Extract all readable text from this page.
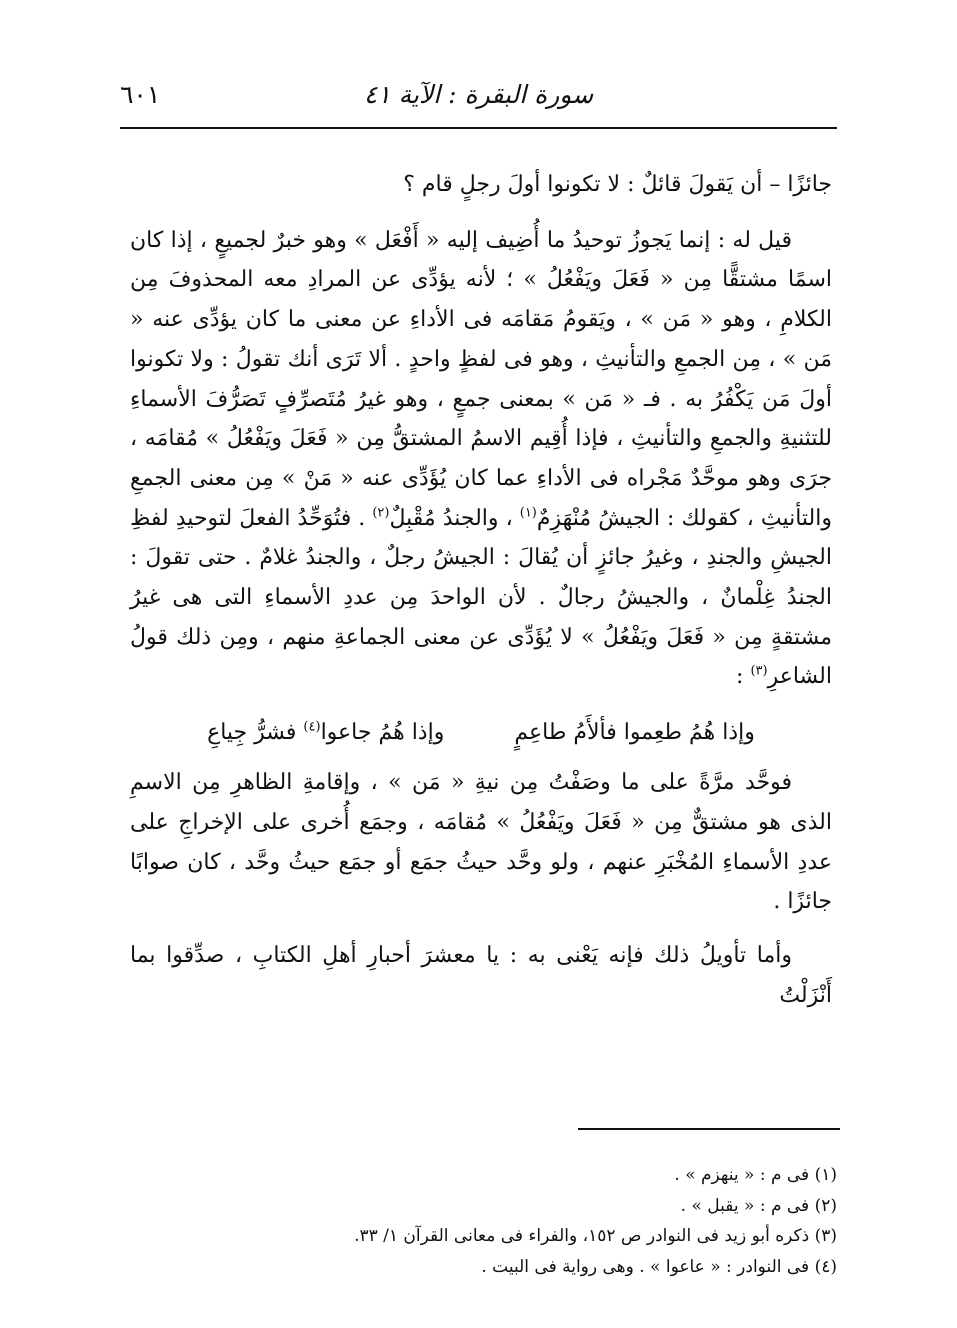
سورة البقرة : الآية ٤١
٦٠١

جائزًا – أن يَقولَ قائلٌ : لا تكونوا أولَ رجلٍ قام ؟

قيل له : إنما يَجوزُ توحيدُ ما أُضِيف إليه « أَفْعَل » وهو خبرٌ لجميعٍ ، إذا كان اسمًا مشتقًّا مِن « فَعَلَ ويَفْعُلُ » ؛ لأنه يؤدِّى عن المرادِ معه المحذوفَ مِن الكلامِ ، وهو « مَن » ، ويَقومُ مَقامَه فى الأداءِ عن معنى ما كان يؤدِّى عنه « مَن » ، مِن الجمعِ والتأنيثِ ، وهو فى لفظٍ واحدٍ . ألا تَرَى أنك تقولُ : ولا تكونوا أولَ مَن يَكْفُرُ به . فـ « مَن » بمعنى جمعٍ ، وهو غيرُ مُتَصرِّفٍ تَصَرُّفَ الأسماءِ للتثنيةِ والجمعِ والتأنيثِ ، فإذا أُقِيم الاسمُ المشتقُّ مِن « فَعَلَ ويَفْعُلُ » مُقامَه ، جرَى وهو موحَّدٌ مَجْراه فى الأداءِ عما كان يُؤَدِّى عنه « مَنْ » مِن معنى الجمعِ والتأنيثِ ، كقولك : الجيشُ مُنْهَزِمٌ$^{(١)}$ ، والجندُ مُقْبِلٌ$^{(٢)}$ . فتُوَحِّدُ الفعلَ لتوحيدِ لفظِ الجيشِ والجندِ ، وغيرُ جائزٍ أن يُقالَ : الجيشُ رجلٌ ، والجندُ غلامٌ . حتى تقولَ : الجندُ غِلْمانٌ ، والجيشُ رجالٌ . لأن الواحدَ مِن عددِ الأسماءِ التى هى غيرُ مشتقةٍ مِن « فَعَلَ ويَفْعُلُ » لا يُؤَدِّى عن معنى الجماعةِ منهم ، ومِن ذلك قولُ الشاعرِ$^{(٣)}$ :

وإذا هُمُ طعِموا فألأَمُ طاعِمٍ
وإذا هُمُ جاعوا$^{(٤)}$ فشرُّ جِياعِ

فوحَّد مرَّةً على ما وصَفْتُ مِن نيةِ « مَن » ، وإقامةِ الظاهرِ مِن الاسمِ الذى هو مشتقٌّ مِن « فَعَلَ ويَفْعُلُ » مُقامَه ، وجمَع أُخرى على الإخراجِ على عددِ الأسماءِ المُخْبَرِ عنهم ، ولو وحَّد حيثُ جمَع أو جمَع حيثُ وحَّد ، كان صوابًا جائزًا .

وأما تأويلُ ذلك فإنه يَعْنى به : يا معشرَ أحبارِ أهلِ الكتابِ ، صدِّقوا بما أَنْزَلْتُ

(١) فى م : « ينهزم » .
(٢) فى م : « يقبل » .
(٣) ذكره أبو زيد فى النوادر ص ١٥٢، والفراء فى معانى القرآن ١/ ٣٣.
(٤) فى النوادر : « عاعوا » . وهى رواية فى البيت .
